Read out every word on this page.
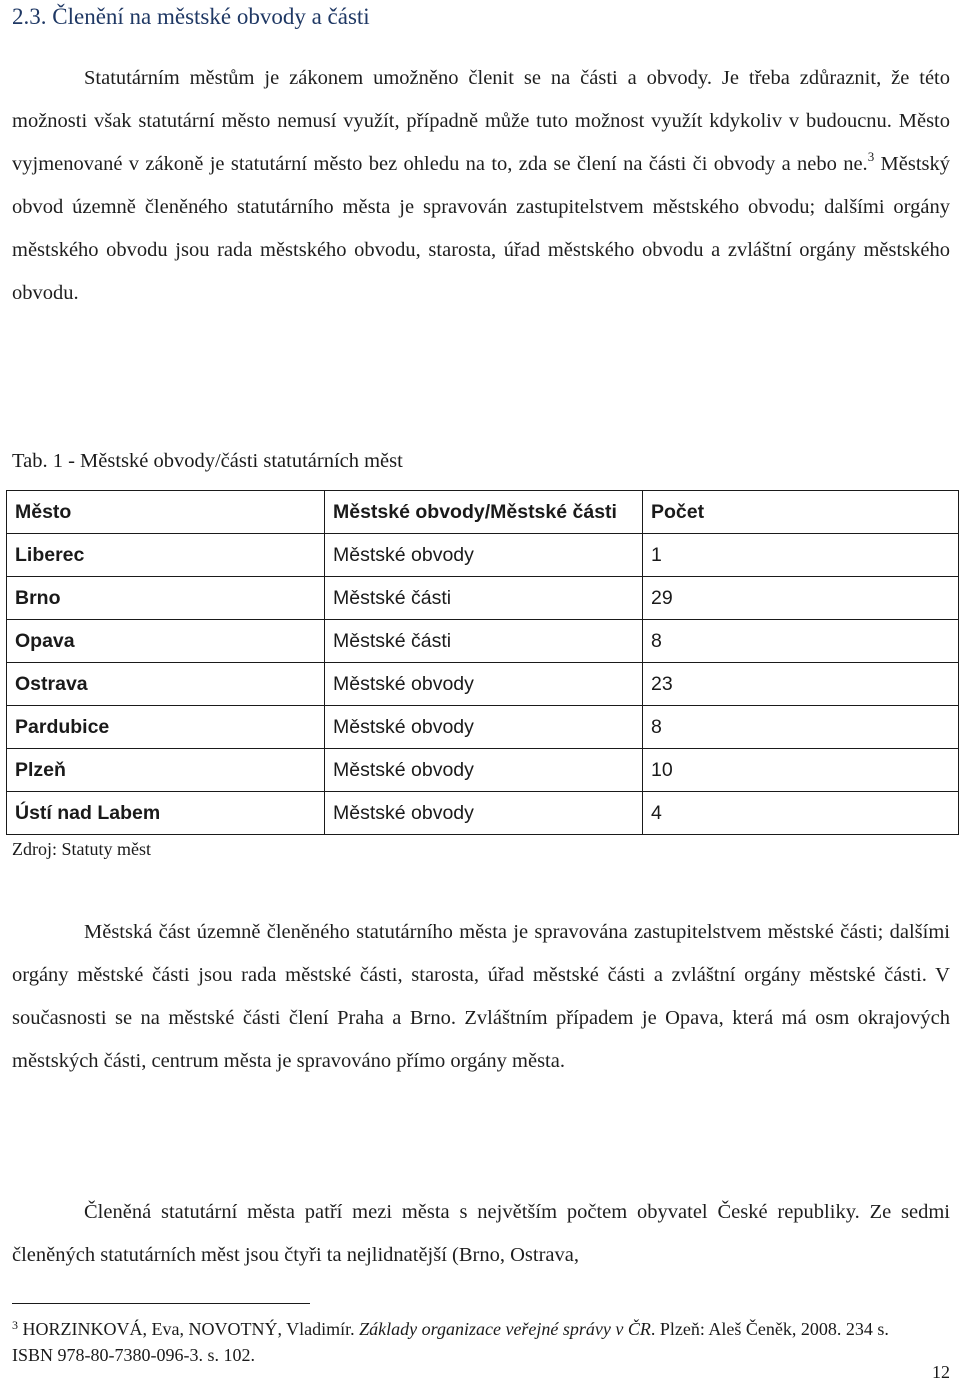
2.3. Členění na městské obvody a části

Statutárním městům je zákonem umožněno členit se na části a obvody. Je třeba zdůraznit, že této možnosti však statutární město nemusí využít, případně může tuto možnost využít kdykoliv v budoucnu. Město vyjmenované v zákoně je statutární město bez ohledu na to, zda se člení na části či obvody a nebo ne.$^3$ Městský obvod územně členěného statutárního města je spravován zastupitelstvem městského obvodu; dalšími orgány městského obvodu jsou rada městského obvodu, starosta, úřad městského obvodu a zvláštní orgány městského obvodu.

Tab. 1 - Městské obvody/části statutárních měst

Město	Městské obvody/Městské části	Počet
Liberec	Městské obvody	1
Brno	Městské části	29
Opava	Městské části	8
Ostrava	Městské obvody	23
Pardubice	Městské obvody	8
Plzeň	Městské obvody	10
Ústí nad Labem	Městské obvody	4

Zdroj: Statuty měst

Městská část územně členěného statutárního města je spravována zastupitelstvem městské části; dalšími orgány městské části jsou rada městské části, starosta, úřad městské části a zvláštní orgány městské části. V současnosti se na městské části člení Praha a Brno. Zvláštním případem je Opava, která má osm okrajových městských části, centrum města je spravováno přímo orgány města.

Členěná statutární města patří mezi města s největším počtem obyvatel České republiky. Ze sedmi členěných statutárních měst jsou čtyři ta nejlidnatější (Brno, Ostrava,

$^3$ HORZINKOVÁ, Eva, NOVOTNÝ, Vladimír. Základy organizace veřejné správy v ČR. Plzeň: Aleš Čeněk, 2008. 234 s. ISBN 978-80-7380-096-3. s. 102.

12
